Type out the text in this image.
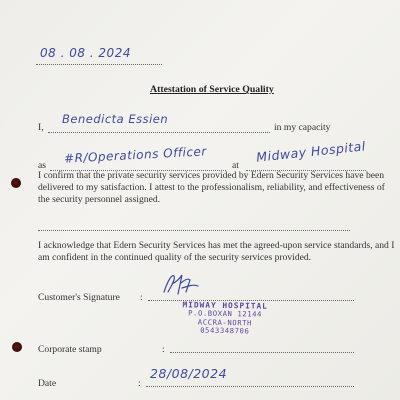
08 . 08 . 2024
Attestation of Service Quality
I,
Benedicta Essien
in my capacity
as #R/Operations Officer	at
Midway Hospital
I confirm that the private security services provided by Edern Security Services have been
delivered to my satisfaction. I attest to the professionalism, reliability, and effectiveness of
the security personnel assigned.
I acknowledge that Edern Security Services has met the agreed-upon service standards, and I
am confident in the continued quality of the security services provided.
Customer's Signature :
Corporate stamp	:
MIDWAY HOSPITAL
P.O.BOXAN 12144
ACCRA-NORTH
0543348706
Date	:
28/08/2024
